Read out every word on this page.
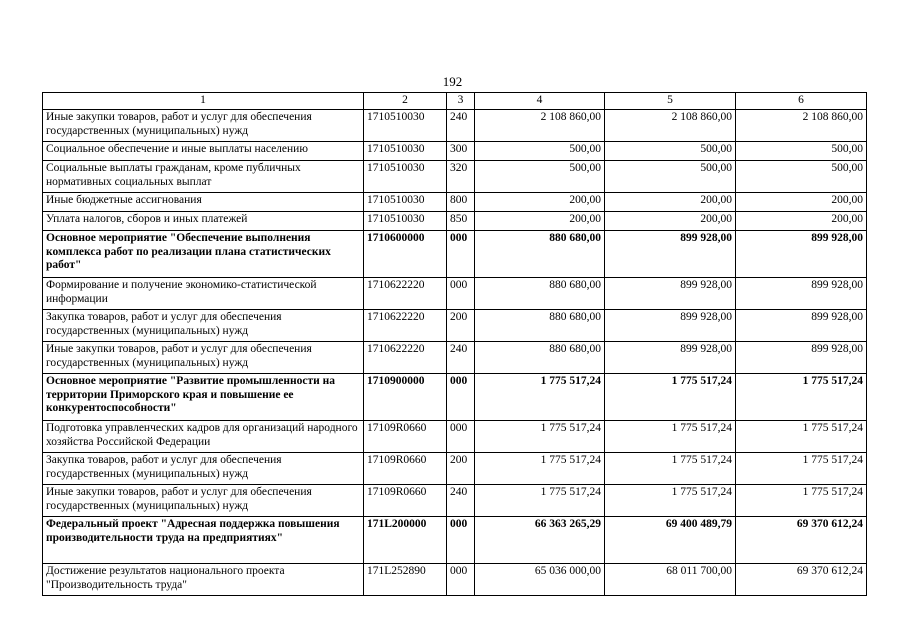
192
1	2	3	4	5	6
Иные закупки товаров, работ и услуг для обеспечения государственных (муниципальных) нужд	1710510030	240	2 108 860,00	2 108 860,00	2 108 860,00
Социальное обеспечение и иные выплаты населению	1710510030	300	500,00	500,00	500,00
Социальные выплаты гражданам, кроме публичных нормативных социальных выплат	1710510030	320	500,00	500,00	500,00
Иные бюджетные ассигнования	1710510030	800	200,00	200,00	200,00
Уплата налогов, сборов и иных платежей	1710510030	850	200,00	200,00	200,00
Основное мероприятие "Обеспечение выполнения комплекса работ по реализации плана статистических работ"	1710600000	000	880 680,00	899 928,00	899 928,00
Формирование и получение экономико-статистической информации	1710622220	000	880 680,00	899 928,00	899 928,00
Закупка товаров, работ и услуг для обеспечения государственных (муниципальных) нужд	1710622220	200	880 680,00	899 928,00	899 928,00
Иные закупки товаров, работ и услуг для обеспечения государственных (муниципальных) нужд	1710622220	240	880 680,00	899 928,00	899 928,00
Основное мероприятие "Развитие промышленности на территории Приморского края и повышение ее конкурентоспособности"	1710900000	000	1 775 517,24	1 775 517,24	1 775 517,24
Подготовка управленческих кадров для организаций народного хозяйства Российской Федерации	17109R0660	000	1 775 517,24	1 775 517,24	1 775 517,24
Закупка товаров, работ и услуг для обеспечения государственных (муниципальных) нужд	17109R0660	200	1 775 517,24	1 775 517,24	1 775 517,24
Иные закупки товаров, работ и услуг для обеспечения государственных (муниципальных) нужд	17109R0660	240	1 775 517,24	1 775 517,24	1 775 517,24
Федеральный проект "Адресная поддержка повышения производительности труда на предприятиях"	171L200000	000	66 363 265,29	69 400 489,79	69 370 612,24
Достижение результатов национального проекта "Производительность труда"	171L252890	000	65 036 000,00	68 011 700,00	69 370 612,24
